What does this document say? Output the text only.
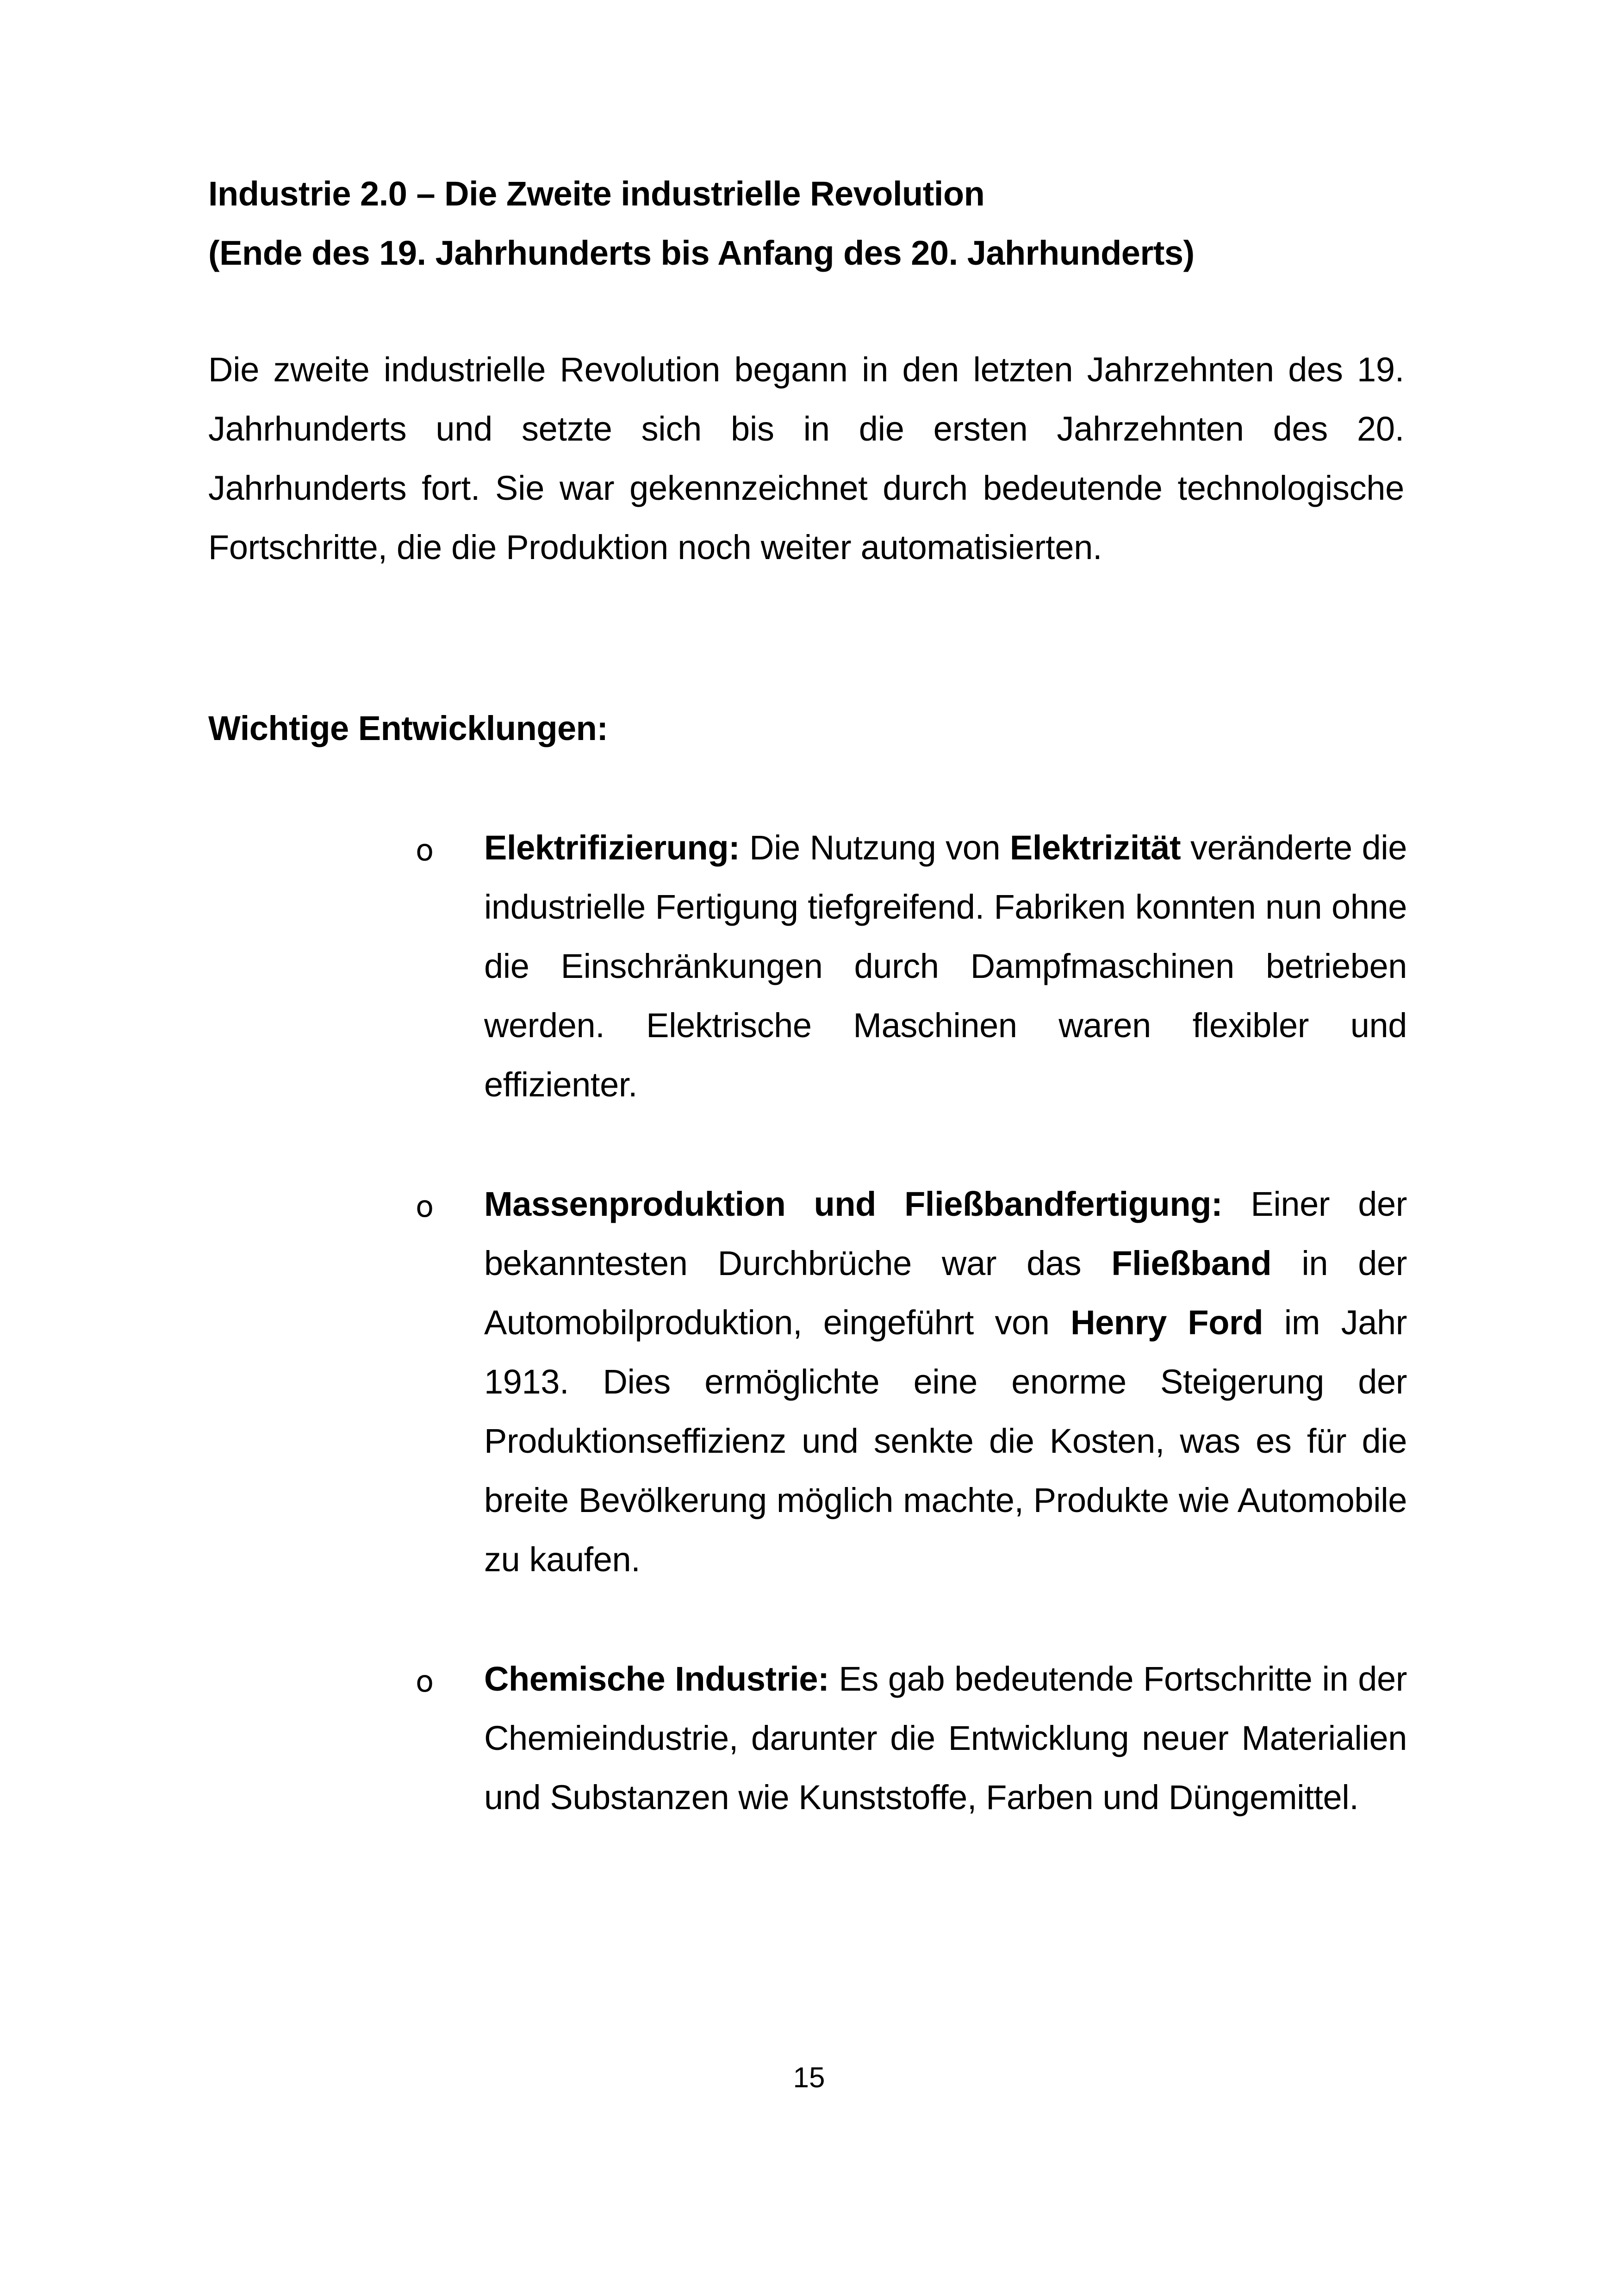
Industrie 2.0 – Die Zweite industrielle Revolution
(Ende des 19. Jahrhunderts bis Anfang des 20. Jahrhunderts)

Die zweite industrielle Revolution begann in den letzten Jahrzehnten des 19. Jahrhunderts und setzte sich bis in die ersten Jahrzehnten des 20. Jahrhunderts fort. Sie war gekennzeichnet durch bedeutende technologische Fortschritte, die die Produktion noch weiter automatisierten.

Wichtige Entwicklungen:
o Elektrifizierung: Die Nutzung von Elektrizität veränderte die industrielle Fertigung tiefgreifend. Fabriken konnten nun ohne die Einschränkungen durch Dampfmaschinen betrieben werden. Elektrische Maschinen waren flexibler und effizienter.

o Massenproduktion und Fließbandfertigung: Einer der bekanntesten Durchbrüche war das Fließband in der Automobilproduktion, eingeführt von Henry Ford im Jahr 1913. Dies ermöglichte eine enorme Steigerung der Produktionseffizienz und senkte die Kosten, was es für die breite Bevölkerung möglich machte, Produkte wie Automobile zu kaufen.

o Chemische Industrie: Es gab bedeutende Fortschritte in der Chemieindustrie, darunter die Entwicklung neuer Materialien und Substanzen wie Kunststoffe, Farben und Düngemittel.

15
